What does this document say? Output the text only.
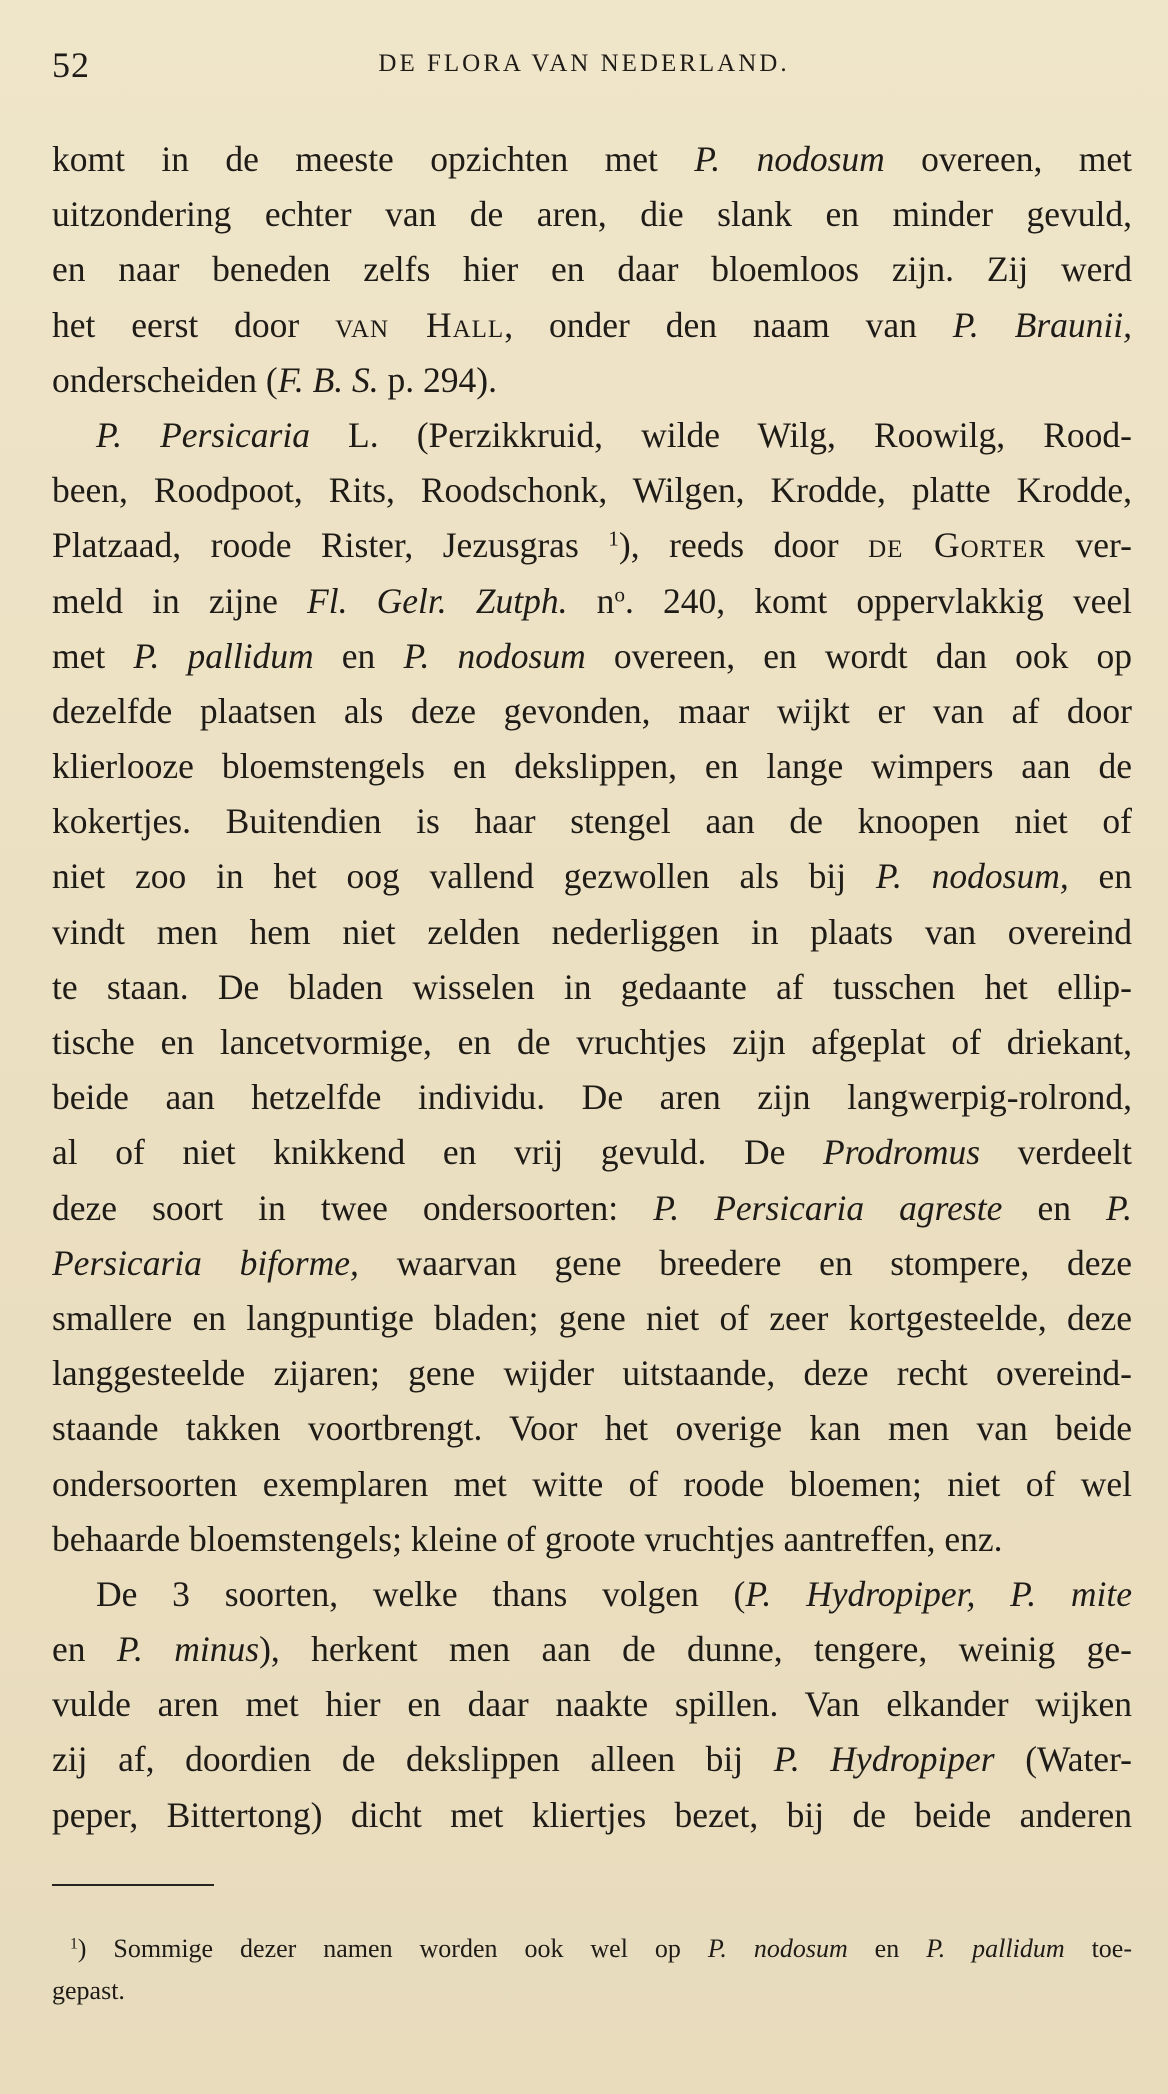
52	DE FLORA VAN NEDERLAND.
komt in de meeste opzichten met P. nodosum overeen, met
uitzondering echter van de aren, die slank en minder gevuld,
en naar beneden zelfs hier en daar bloemloos zijn. Zij werd
het eerst door van Hall, onder den naam van P. Braunii,
onderscheiden (F. B. S. p. 294).
P. Persicaria L. (Perzikkruid, wilde Wilg, Roowilg, Rood-
been, Roodpoot, Rits, Roodschonk, Wilgen, Krodde, platte Krodde,
Platzaad, roode Rister, Jezusgras $^1$), reeds door de Gorter ver-
meld in zijne Fl. Gelr. Zutph. $n^o$. 240, komt oppervlakkig veel
met P. pallidum en P. nodosum overeen, en wordt dan ook op
dezelfde plaatsen als deze gevonden, maar wijkt er van af door
klierlooze bloemstengels en dekslippen, en lange wimpers aan de
kokertjes. Buitendien is haar stengel aan de knoopen niet of
niet zoo in het oog vallend gezwollen als bij P. nodosum, en
vindt men hem niet zelden nederliggen in plaats van overeind
te staan. De bladen wisselen in gedaante af tusschen het ellip-
tische en lancetvormige, en de vruchtjes zijn afgeplat of driekant,
beide aan hetzelfde individu. De aren zijn langwerpig-rolrond,
al of niet knikkend en vrij gevuld. De Prodromus verdeelt
deze soort in twee ondersoorten: P. Persicaria agreste en P.
Persicaria biforme, waarvan gene breedere en stompere, deze
smallere en langpuntige bladen; gene niet of zeer kortgesteelde, deze
langgesteelde zijaren; gene wijder uitstaande, deze recht overeind-
staande takken voortbrengt. Voor het overige kan men van beide
ondersoorten exemplaren met witte of roode bloemen; niet of wel
behaarde bloemstengels; kleine of groote vruchtjes aantreffen, enz.
De 3 soorten, welke thans volgen (P. Hydropiper, P. mite
en P. minus), herkent men aan de dunne, tengere, weinig ge-
vulde aren met hier en daar naakte spillen. Van elkander wijken
zij af, doordien de dekslippen alleen bij P. Hydropiper (Water-
peper, Bittertong) dicht met kliertjes bezet, bij de beide anderen
$^1$) Sommige dezer namen worden ook wel op P. nodosum en P. pallidum toe-
gepast.
